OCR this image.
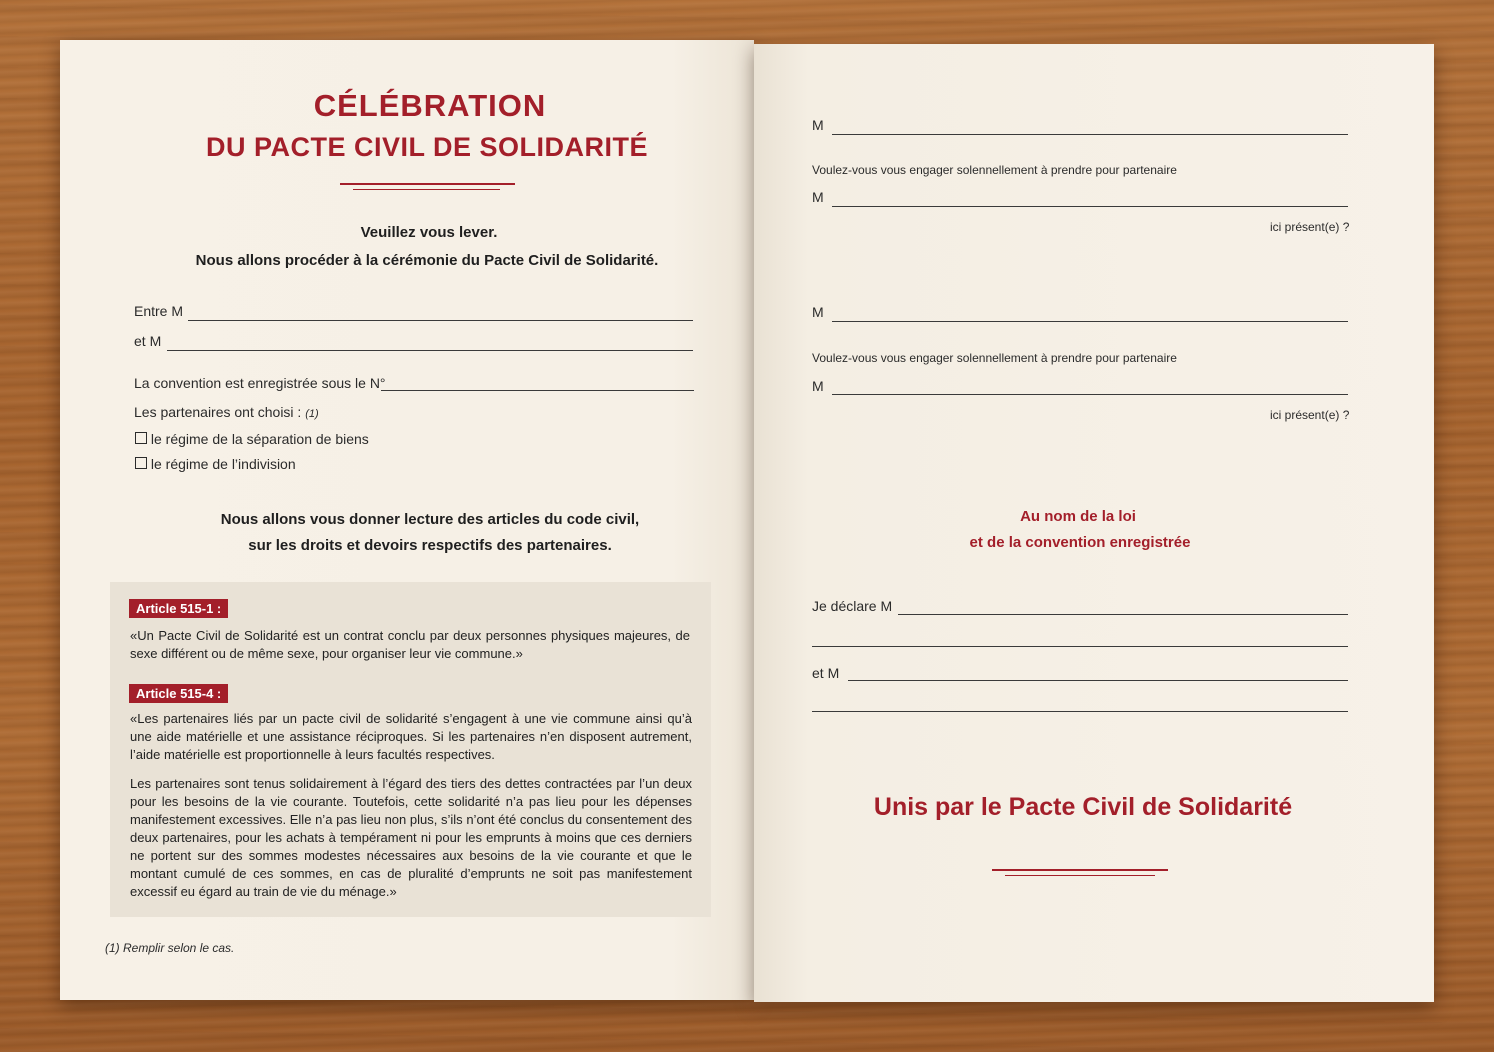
CÉLÉBRATION
DU PACTE CIVIL DE SOLIDARITÉ
Veuillez vous lever.
Nous allons procéder à la cérémonie du Pacte Civil de Solidarité.
Entre M
et M
La convention est enregistrée sous le N°
Les partenaires ont choisi : (1)
le régime de la séparation de biens
le régime de l’indivision
Nous allons vous donner lecture des articles du code civil,
sur les droits et devoirs respectifs des partenaires.
Article 515-1 :
«Un Pacte Civil de Solidarité est un contrat conclu par deux personnes physiques majeures, de sexe différent ou de même sexe, pour organiser leur vie commune.»
Article 515-4 :
«Les partenaires liés par un pacte civil de solidarité s’engagent à une vie commune ainsi qu’à une aide matérielle et une assistance réciproques. Si les partenaires n’en disposent autrement, l’aide matérielle est proportionnelle à leurs facultés respectives.
Les partenaires sont tenus solidairement à l’égard des tiers des dettes contractées par l’un deux pour les besoins de la vie courante. Toutefois, cette solidarité n’a pas lieu pour les dépenses manifestement excessives. Elle n’a pas lieu non plus, s’ils n’ont été conclus du consentement des deux partenaires, pour les achats à tempérament ni pour les emprunts à moins que ces derniers ne portent sur des sommes modestes nécessaires aux besoins de la vie courante et que le montant cumulé de ces sommes, en cas de pluralité d’emprunts ne soit pas manifestement excessif eu égard au train de vie du ménage.»
(1) Remplir selon le cas.
M
Voulez-vous vous engager solennellement à prendre pour partenaire
M
ici présent(e) ?
M
Voulez-vous vous engager solennellement à prendre pour partenaire
M
ici présent(e) ?
Au nom de la loi
et de la convention enregistrée
Je déclare M
et M
Unis par le Pacte Civil de Solidarité
